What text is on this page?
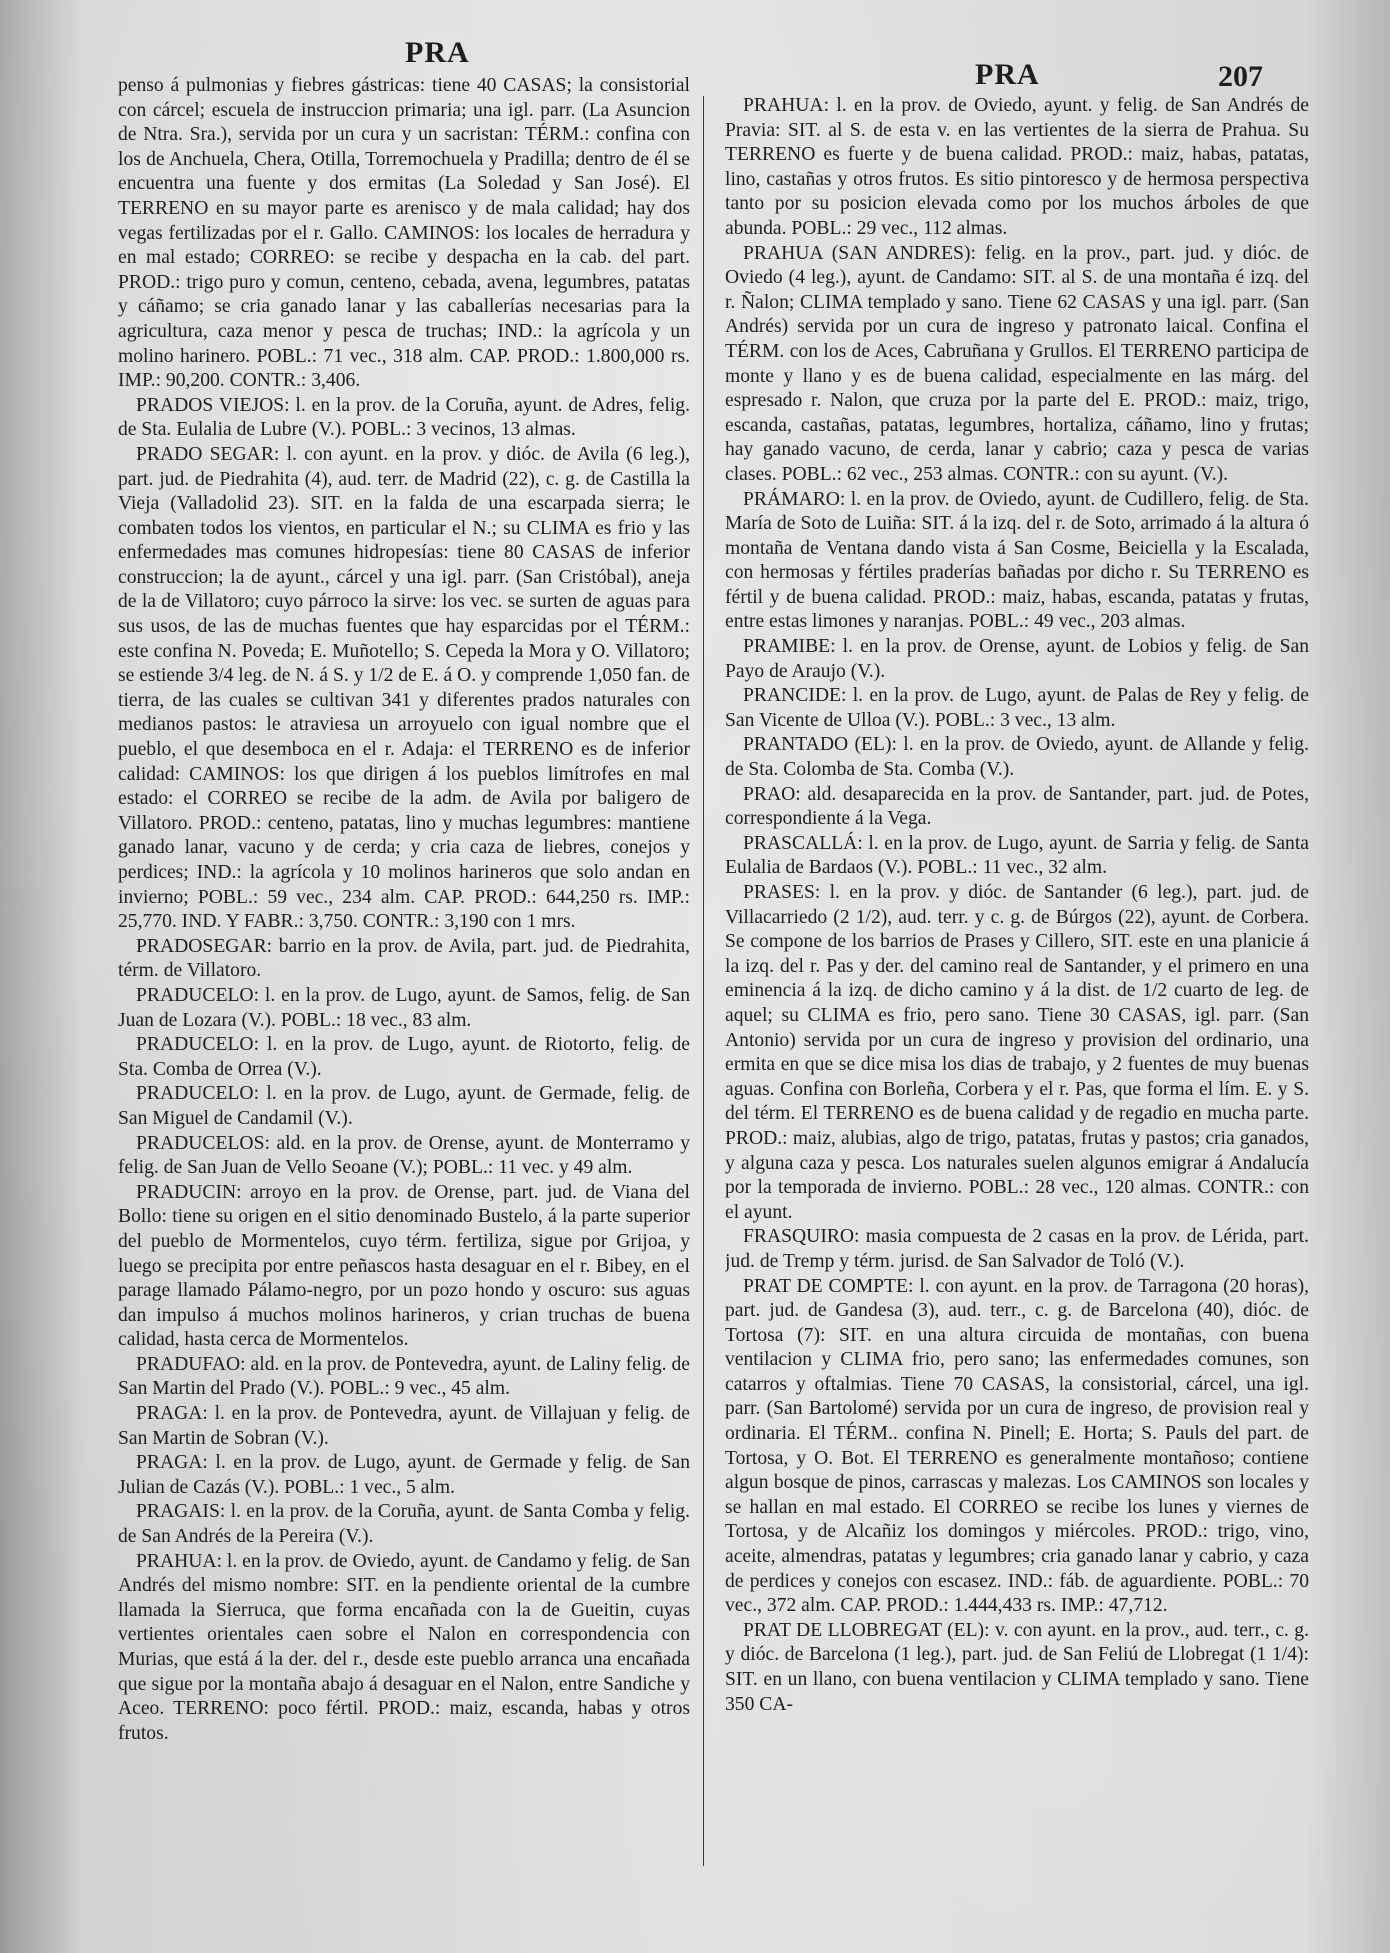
PRA
PRA	207

penso á pulmonias y fiebres gástricas: tiene 40 CASAS; la consistorial con cárcel; escuela de instruccion primaria; una igl. parr. (La Asuncion de Ntra. Sra.), servida por un cura y un sacristan: TÉRM.: confina con los de Anchuela, Chera, Otilla, Torremochuela y Pradilla; dentro de él se encuentra una fuente y dos ermitas (La Soledad y San José). El TERRENO en su mayor parte es arenisco y de mala calidad; hay dos vegas fertilizadas por el r. Gallo. CAMINOS: los locales de herradura y en mal estado; CORREO: se recibe y despacha en la cab. del part. PROD.: trigo puro y comun, centeno, cebada, avena, legumbres, patatas y cáñamo; se cria ganado lanar y las caballerías necesarias para la agricultura, caza menor y pesca de truchas; IND.: la agrícola y un molino harinero. POBL.: 71 vec., 318 alm. CAP. PROD.: 1.800,000 rs. IMP.: 90,200. CONTR.: 3,406.

PRADOS VIEJOS: l. en la prov. de la Coruña, ayunt. de Adres, felig. de Sta. Eulalia de Lubre (V.). POBL.: 3 vecinos, 13 almas.

PRADO SEGAR: l. con ayunt. en la prov. y dióc. de Avila (6 leg.), part. jud. de Piedrahita (4), aud. terr. de Madrid (22), c. g. de Castilla la Vieja (Valladolid 23). SIT. en la falda de una escarpada sierra; le combaten todos los vientos, en particular el N.; su CLIMA es frio y las enfermedades mas comunes hidropesías: tiene 80 CASAS de inferior construccion; la de ayunt., cárcel y una igl. parr. (San Cristóbal), aneja de la de Villatoro; cuyo párroco la sirve: los vec. se surten de aguas para sus usos, de las de muchas fuentes que hay esparcidas por el TÉRM.: este confina N. Poveda; E. Muñotello; S. Cepeda la Mora y O. Villatoro; se estiende 3/4 leg. de N. á S. y 1/2 de E. á O. y comprende 1,050 fan. de tierra, de las cuales se cultivan 341 y diferentes prados naturales con medianos pastos: le atraviesa un arroyuelo con igual nombre que el pueblo, el que desemboca en el r. Adaja: el TERRENO es de inferior calidad: CAMINOS: los que dirigen á los pueblos limítrofes en mal estado: el CORREO se recibe de la adm. de Avila por baligero de Villatoro. PROD.: centeno, patatas, lino y muchas legumbres: mantiene ganado lanar, vacuno y de cerda; y cria caza de liebres, conejos y perdices; IND.: la agrícola y 10 molinos harineros que solo andan en invierno; POBL.: 59 vec., 234 alm. CAP. PROD.: 644,250 rs. IMP.: 25,770. IND. Y FABR.: 3,750. CONTR.: 3,190 con 1 mrs.

PRADOSEGAR: barrio en la prov. de Avila, part. jud. de Piedrahita, térm. de Villatoro.

PRADUCELO: l. en la prov. de Lugo, ayunt. de Samos, felig. de San Juan de Lozara (V.). POBL.: 18 vec., 83 alm.

PRADUCELO: l. en la prov. de Lugo, ayunt. de Riotorto, felig. de Sta. Comba de Orrea (V.).

PRADUCELO: l. en la prov. de Lugo, ayunt. de Germade, felig. de San Miguel de Candamil (V.).

PRADUCELOS: ald. en la prov. de Orense, ayunt. de Monterramo y felig. de San Juan de Vello Seoane (V.); POBL.: 11 vec. y 49 alm.

PRADUCIN: arroyo en la prov. de Orense, part. jud. de Viana del Bollo: tiene su origen en el sitio denominado Bustelo, á la parte superior del pueblo de Mormentelos, cuyo térm. fertiliza, sigue por Grijoa, y luego se precipita por entre peñascos hasta desaguar en el r. Bibey, en el parage llamado Pálamo-negro, por un pozo hondo y oscuro: sus aguas dan impulso á muchos molinos harineros, y crian truchas de buena calidad, hasta cerca de Mormentelos.

PRADUFAO: ald. en la prov. de Pontevedra, ayunt. de Laliny felig. de San Martin del Prado (V.). POBL.: 9 vec., 45 alm.

PRAGA: l. en la prov. de Pontevedra, ayunt. de Villajuan y felig. de San Martin de Sobran (V.).

PRAGA: l. en la prov. de Lugo, ayunt. de Germade y felig. de San Julian de Cazás (V.). POBL.: 1 vec., 5 alm.

PRAGAIS: l. en la prov. de la Coruña, ayunt. de Santa Comba y felig. de San Andrés de la Pereira (V.).

PRAHUA: l. en la prov. de Oviedo, ayunt. de Candamo y felig. de San Andrés del mismo nombre: SIT. en la pendiente oriental de la cumbre llamada la Sierruca, que forma encañada con la de Gueitin, cuyas vertientes orientales caen sobre el Nalon en correspondencia con Murias, que está á la der. del r., desde este pueblo arranca una encañada que sigue por la montaña abajo á desaguar en el Nalon, entre Sandiche y Aceo. TERRENO: poco fértil. PROD.: maiz, escanda, habas y otros frutos.

PRAHUA: l. en la prov. de Oviedo, ayunt. y felig. de San Andrés de Pravia: SIT. al S. de esta v. en las vertientes de la sierra de Prahua. Su TERRENO es fuerte y de buena calidad. PROD.: maiz, habas, patatas, lino, castañas y otros frutos. Es sitio pintoresco y de hermosa perspectiva tanto por su posicion elevada como por los muchos árboles de que abunda. POBL.: 29 vec., 112 almas.

PRAHUA (SAN ANDRES): felig. en la prov., part. jud. y dióc. de Oviedo (4 leg.), ayunt. de Candamo: SIT. al S. de una montaña é izq. del r. Ñalon; CLIMA templado y sano. Tiene 62 CASAS y una igl. parr. (San Andrés) servida por un cura de ingreso y patronato laical. Confina el TÉRM. con los de Aces, Cabruñana y Grullos. El TERRENO participa de monte y llano y es de buena calidad, especialmente en las márg. del espresado r. Nalon, que cruza por la parte del E. PROD.: maiz, trigo, escanda, castañas, patatas, legumbres, hortaliza, cáñamo, lino y frutas; hay ganado vacuno, de cerda, lanar y cabrio; caza y pesca de varias clases. POBL.: 62 vec., 253 almas. CONTR.: con su ayunt. (V.).

PRÁMARO: l. en la prov. de Oviedo, ayunt. de Cudillero, felig. de Sta. María de Soto de Luiña: SIT. á la izq. del r. de Soto, arrimado á la altura ó montaña de Ventana dando vista á San Cosme, Beiciella y la Escalada, con hermosas y fértiles praderías bañadas por dicho r. Su TERRENO es fértil y de buena calidad. PROD.: maiz, habas, escanda, patatas y frutas, entre estas limones y naranjas. POBL.: 49 vec., 203 almas.

PRAMIBE: l. en la prov. de Orense, ayunt. de Lobios y felig. de San Payo de Araujo (V.).

PRANCIDE: l. en la prov. de Lugo, ayunt. de Palas de Rey y felig. de San Vicente de Ulloa (V.). POBL.: 3 vec., 13 alm.

PRANTADO (EL): l. en la prov. de Oviedo, ayunt. de Allande y felig. de Sta. Colomba de Sta. Comba (V.).

PRAO: ald. desaparecida en la prov. de Santander, part. jud. de Potes, correspondiente á la Vega.

PRASCALLÁ: l. en la prov. de Lugo, ayunt. de Sarria y felig. de Santa Eulalia de Bardaos (V.). POBL.: 11 vec., 32 alm.

PRASES: l. en la prov. y dióc. de Santander (6 leg.), part. jud. de Villacarriedo (2 1/2), aud. terr. y c. g. de Búrgos (22), ayunt. de Corbera. Se compone de los barrios de Prases y Cillero, SIT. este en una planicie á la izq. del r. Pas y der. del camino real de Santander, y el primero en una eminencia á la izq. de dicho camino y á la dist. de 1/2 cuarto de leg. de aquel; su CLIMA es frio, pero sano. Tiene 30 CASAS, igl. parr. (San Antonio) servida por un cura de ingreso y provision del ordinario, una ermita en que se dice misa los dias de trabajo, y 2 fuentes de muy buenas aguas. Confina con Borleña, Corbera y el r. Pas, que forma el lím. E. y S. del térm. El TERRENO es de buena calidad y de regadio en mucha parte. PROD.: maiz, alubias, algo de trigo, patatas, frutas y pastos; cria ganados, y alguna caza y pesca. Los naturales suelen algunos emigrar á Andalucía por la temporada de invierno. POBL.: 28 vec., 120 almas. CONTR.: con el ayunt.

FRASQUIRO: masia compuesta de 2 casas en la prov. de Lérida, part. jud. de Tremp y térm. jurisd. de San Salvador de Toló (V.).

PRAT DE COMPTE: l. con ayunt. en la prov. de Tarragona (20 horas), part. jud. de Gandesa (3), aud. terr., c. g. de Barcelona (40), dióc. de Tortosa (7): SIT. en una altura circuida de montañas, con buena ventilacion y CLIMA frio, pero sano; las enfermedades comunes, son catarros y oftalmias. Tiene 70 CASAS, la consistorial, cárcel, una igl. parr. (San Bartolomé) servida por un cura de ingreso, de provision real y ordinaria. El TÉRM.. confina N. Pinell; E. Horta; S. Pauls del part. de Tortosa, y O. Bot. El TERRENO es generalmente montañoso; contiene algun bosque de pinos, carrascas y malezas. Los CAMINOS son locales y se hallan en mal estado. El CORREO se recibe los lunes y viernes de Tortosa, y de Alcañiz los domingos y miércoles. PROD.: trigo, vino, aceite, almendras, patatas y legumbres; cria ganado lanar y cabrio, y caza de perdices y conejos con escasez. IND.: fáb. de aguardiente. POBL.: 70 vec., 372 alm. CAP. PROD.: 1.444,433 rs. IMP.: 47,712.

PRAT DE LLOBREGAT (EL): v. con ayunt. en la prov., aud. terr., c. g. y dióc. de Barcelona (1 leg.), part. jud. de San Feliú de Llobregat (1 1/4): SIT. en un llano, con buena ventilacion y CLIMA templado y sano. Tiene 350 CA-
